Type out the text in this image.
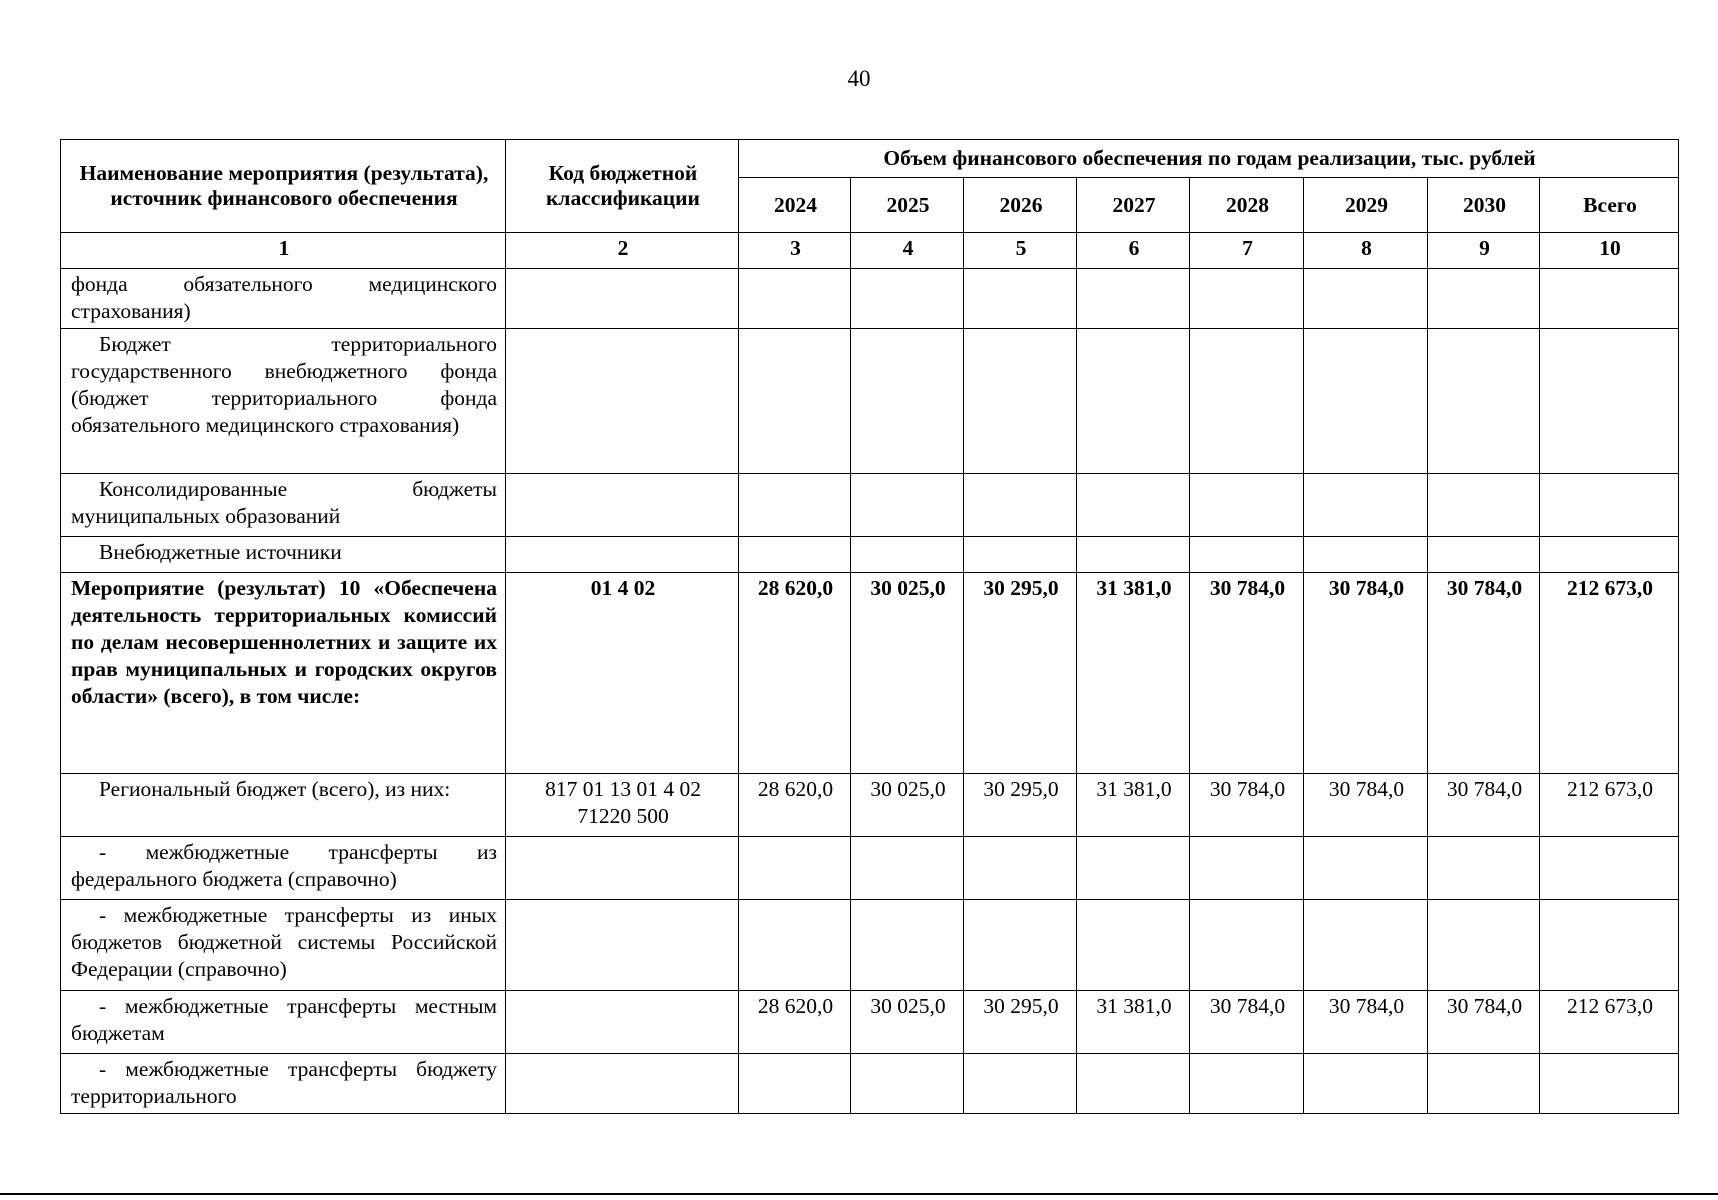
40
Наименование мероприятия (результата), источник финансового обеспечения	Код бюджетной классификации	Объем финансового обеспечения по годам реализации, тыс. рублей							
		2024	2025	2026	2027	2028	2029	2030	Всего
1	2	3	4	5	6	7	8	9	10
фонда обязательного медицинского страхования)									
Бюджет территориального государственного внебюджетного фонда (бюджет территориального фонда обязательного медицинского страхования)									
Консолидированные бюджеты муниципальных образований									
Внебюджетные источники									
Мероприятие (результат) 10 «Обеспечена деятельность территориальных комиссий по делам несовершеннолетних и защите их прав муниципальных и городских округов области» (всего), в том числе:	01 4 02	28 620,0	30 025,0	30 295,0	31 381,0	30 784,0	30 784,0	30 784,0	212 673,0
Региональный бюджет (всего), из них:	817 01 13 01 4 02 71220 500	28 620,0	30 025,0	30 295,0	31 381,0	30 784,0	30 784,0	30 784,0	212 673,0
- межбюджетные трансферты из федерального бюджета (справочно)									
- межбюджетные трансферты из иных бюджетов бюджетной системы Российской Федерации (справочно)									
- межбюджетные трансферты местным бюджетам		28 620,0	30 025,0	30 295,0	31 381,0	30 784,0	30 784,0	30 784,0	212 673,0
- межбюджетные трансферты бюджету территориального									
